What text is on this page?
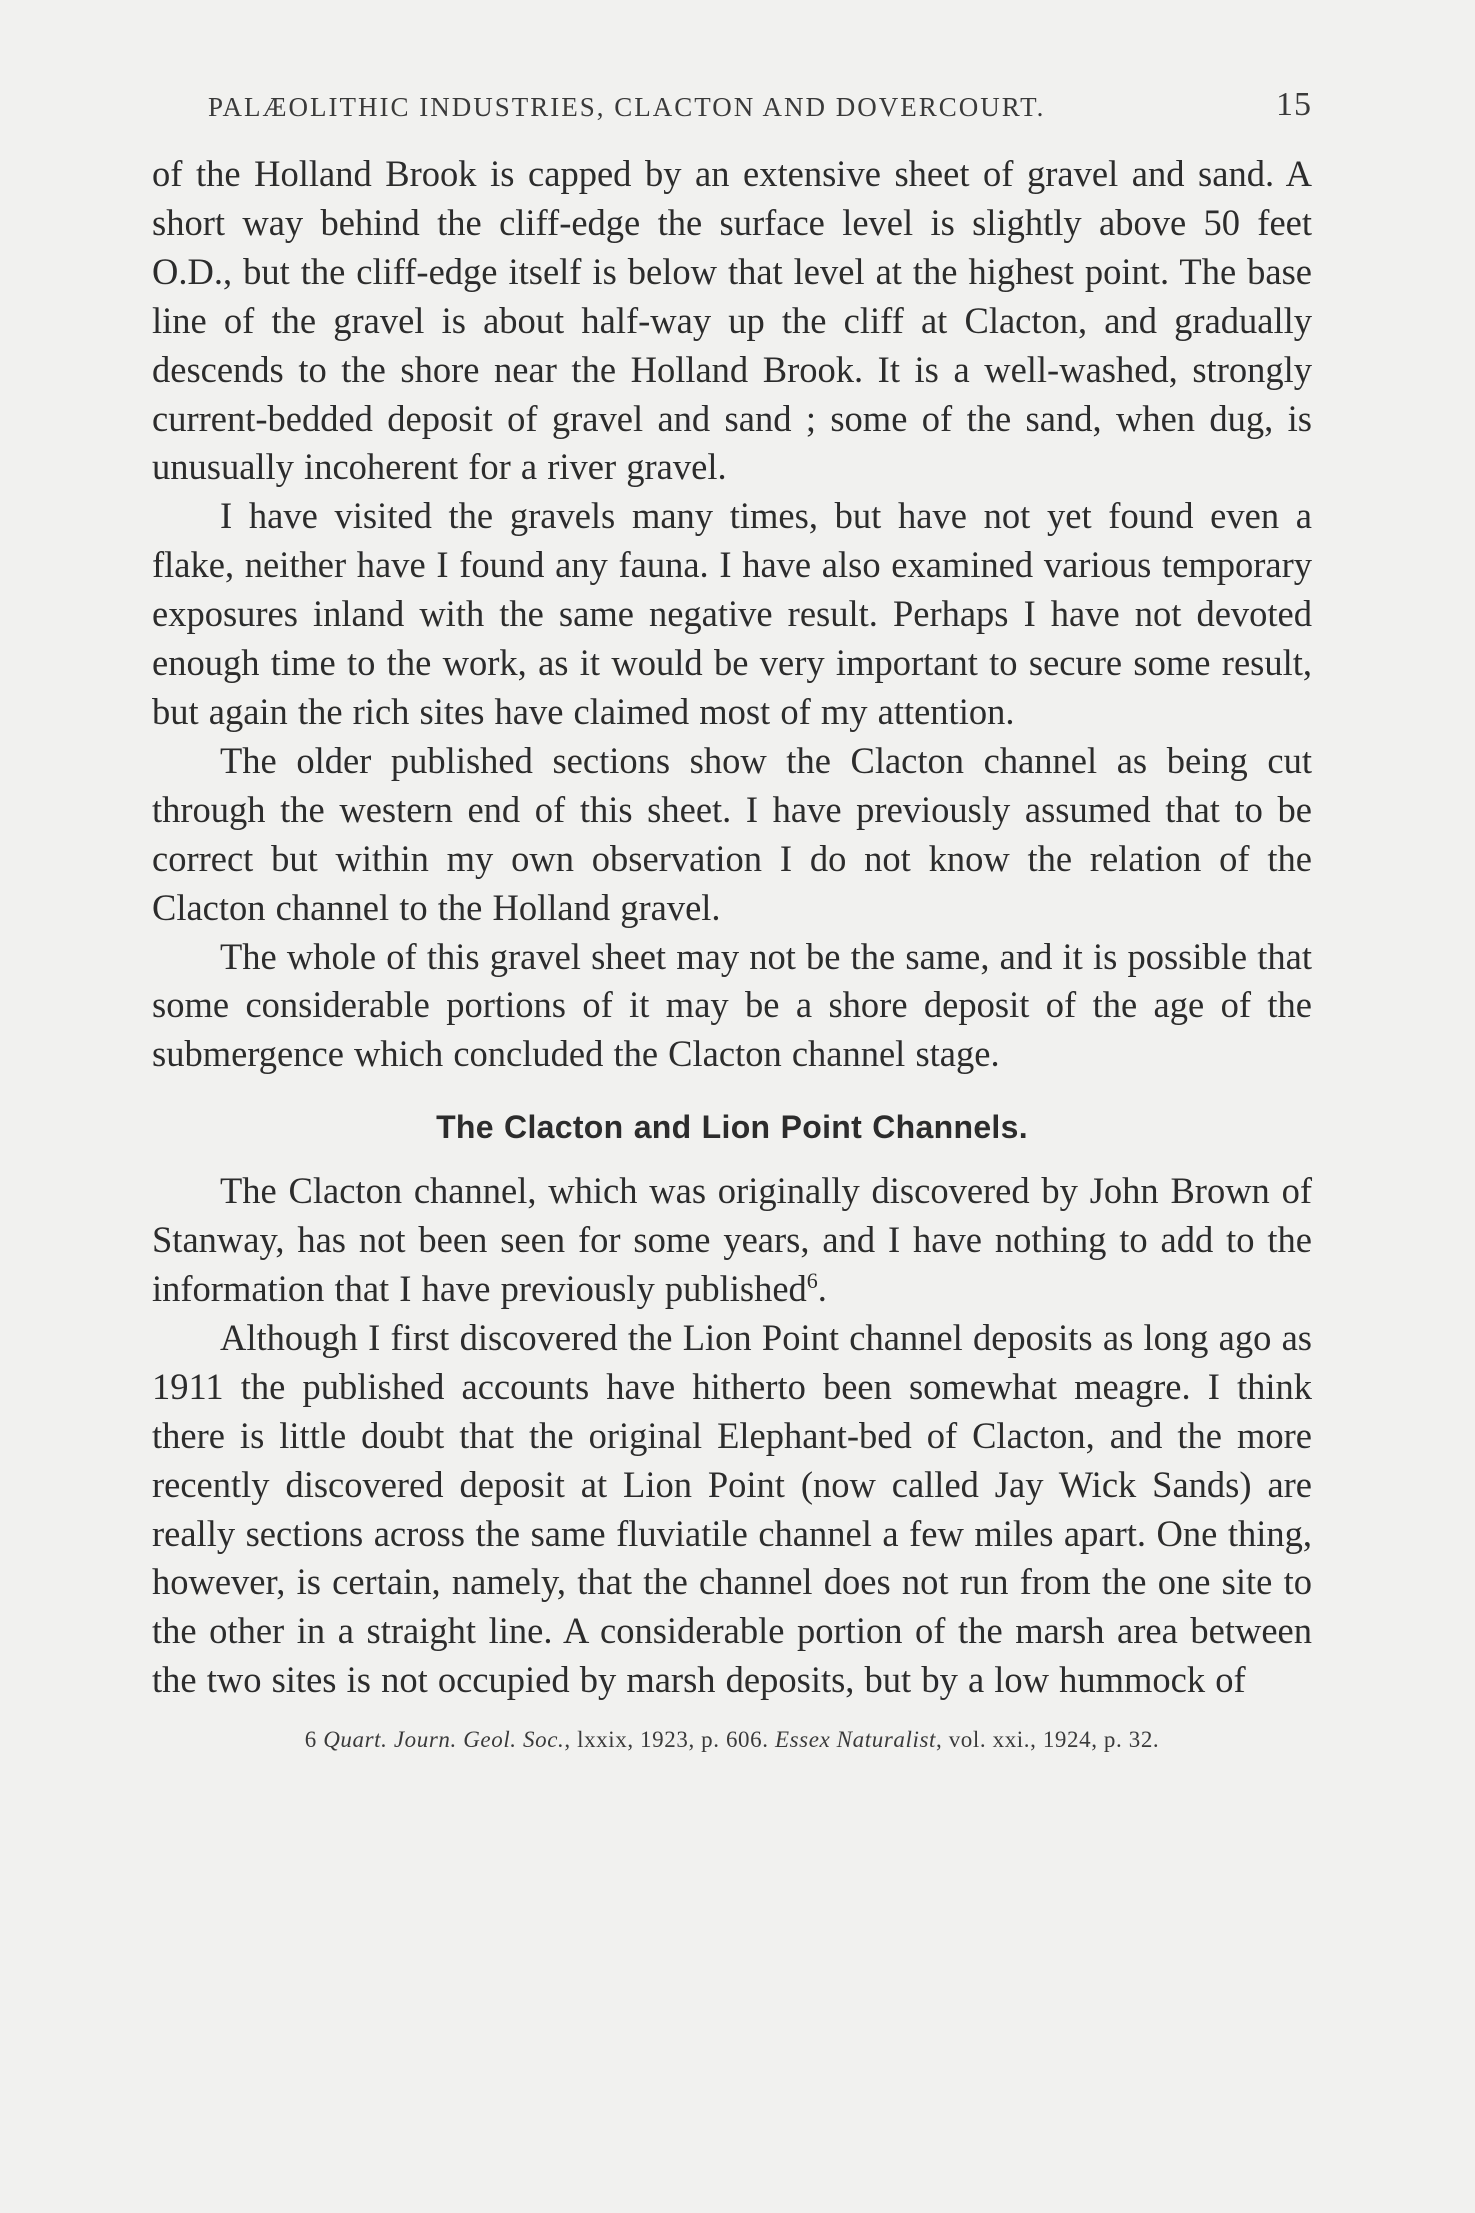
PALÆOLITHIC INDUSTRIES, CLACTON AND DOVERCOURT.	15

of the Holland Brook is capped by an extensive sheet of gravel and sand. A short way behind the cliff-edge the surface level is slightly above 50 feet O.D., but the cliff-edge itself is below that level at the highest point. The base line of the gravel is about half-way up the cliff at Clacton, and gradually descends to the shore near the Holland Brook. It is a well-washed, strongly current-bedded deposit of gravel and sand ; some of the sand, when dug, is unusually incoherent for a river gravel.

I have visited the gravels many times, but have not yet found even a flake, neither have I found any fauna. I have also examined various temporary exposures inland with the same negative result. Perhaps I have not devoted enough time to the work, as it would be very important to secure some result, but again the rich sites have claimed most of my attention.

The older published sections show the Clacton channel as being cut through the western end of this sheet. I have previously assumed that to be correct but within my own observation I do not know the relation of the Clacton channel to the Holland gravel.

The whole of this gravel sheet may not be the same, and it is possible that some considerable portions of it may be a shore deposit of the age of the submergence which concluded the Clacton channel stage.

The Clacton and Lion Point Channels.

The Clacton channel, which was originally discovered by John Brown of Stanway, has not been seen for some years, and I have nothing to add to the information that I have previously published$^6$.

Although I first discovered the Lion Point channel deposits as long ago as 1911 the published accounts have hitherto been somewhat meagre. I think there is little doubt that the original Elephant-bed of Clacton, and the more recently discovered deposit at Lion Point (now called Jay Wick Sands) are really sections across the same fluviatile channel a few miles apart. One thing, however, is certain, namely, that the channel does not run from the one site to the other in a straight line. A considerable portion of the marsh area between the two sites is not occupied by marsh deposits, but by a low hummock of

6 Quart. Journ. Geol. Soc., lxxix, 1923, p. 606. Essex Naturalist, vol. xxi., 1924, p. 32.
